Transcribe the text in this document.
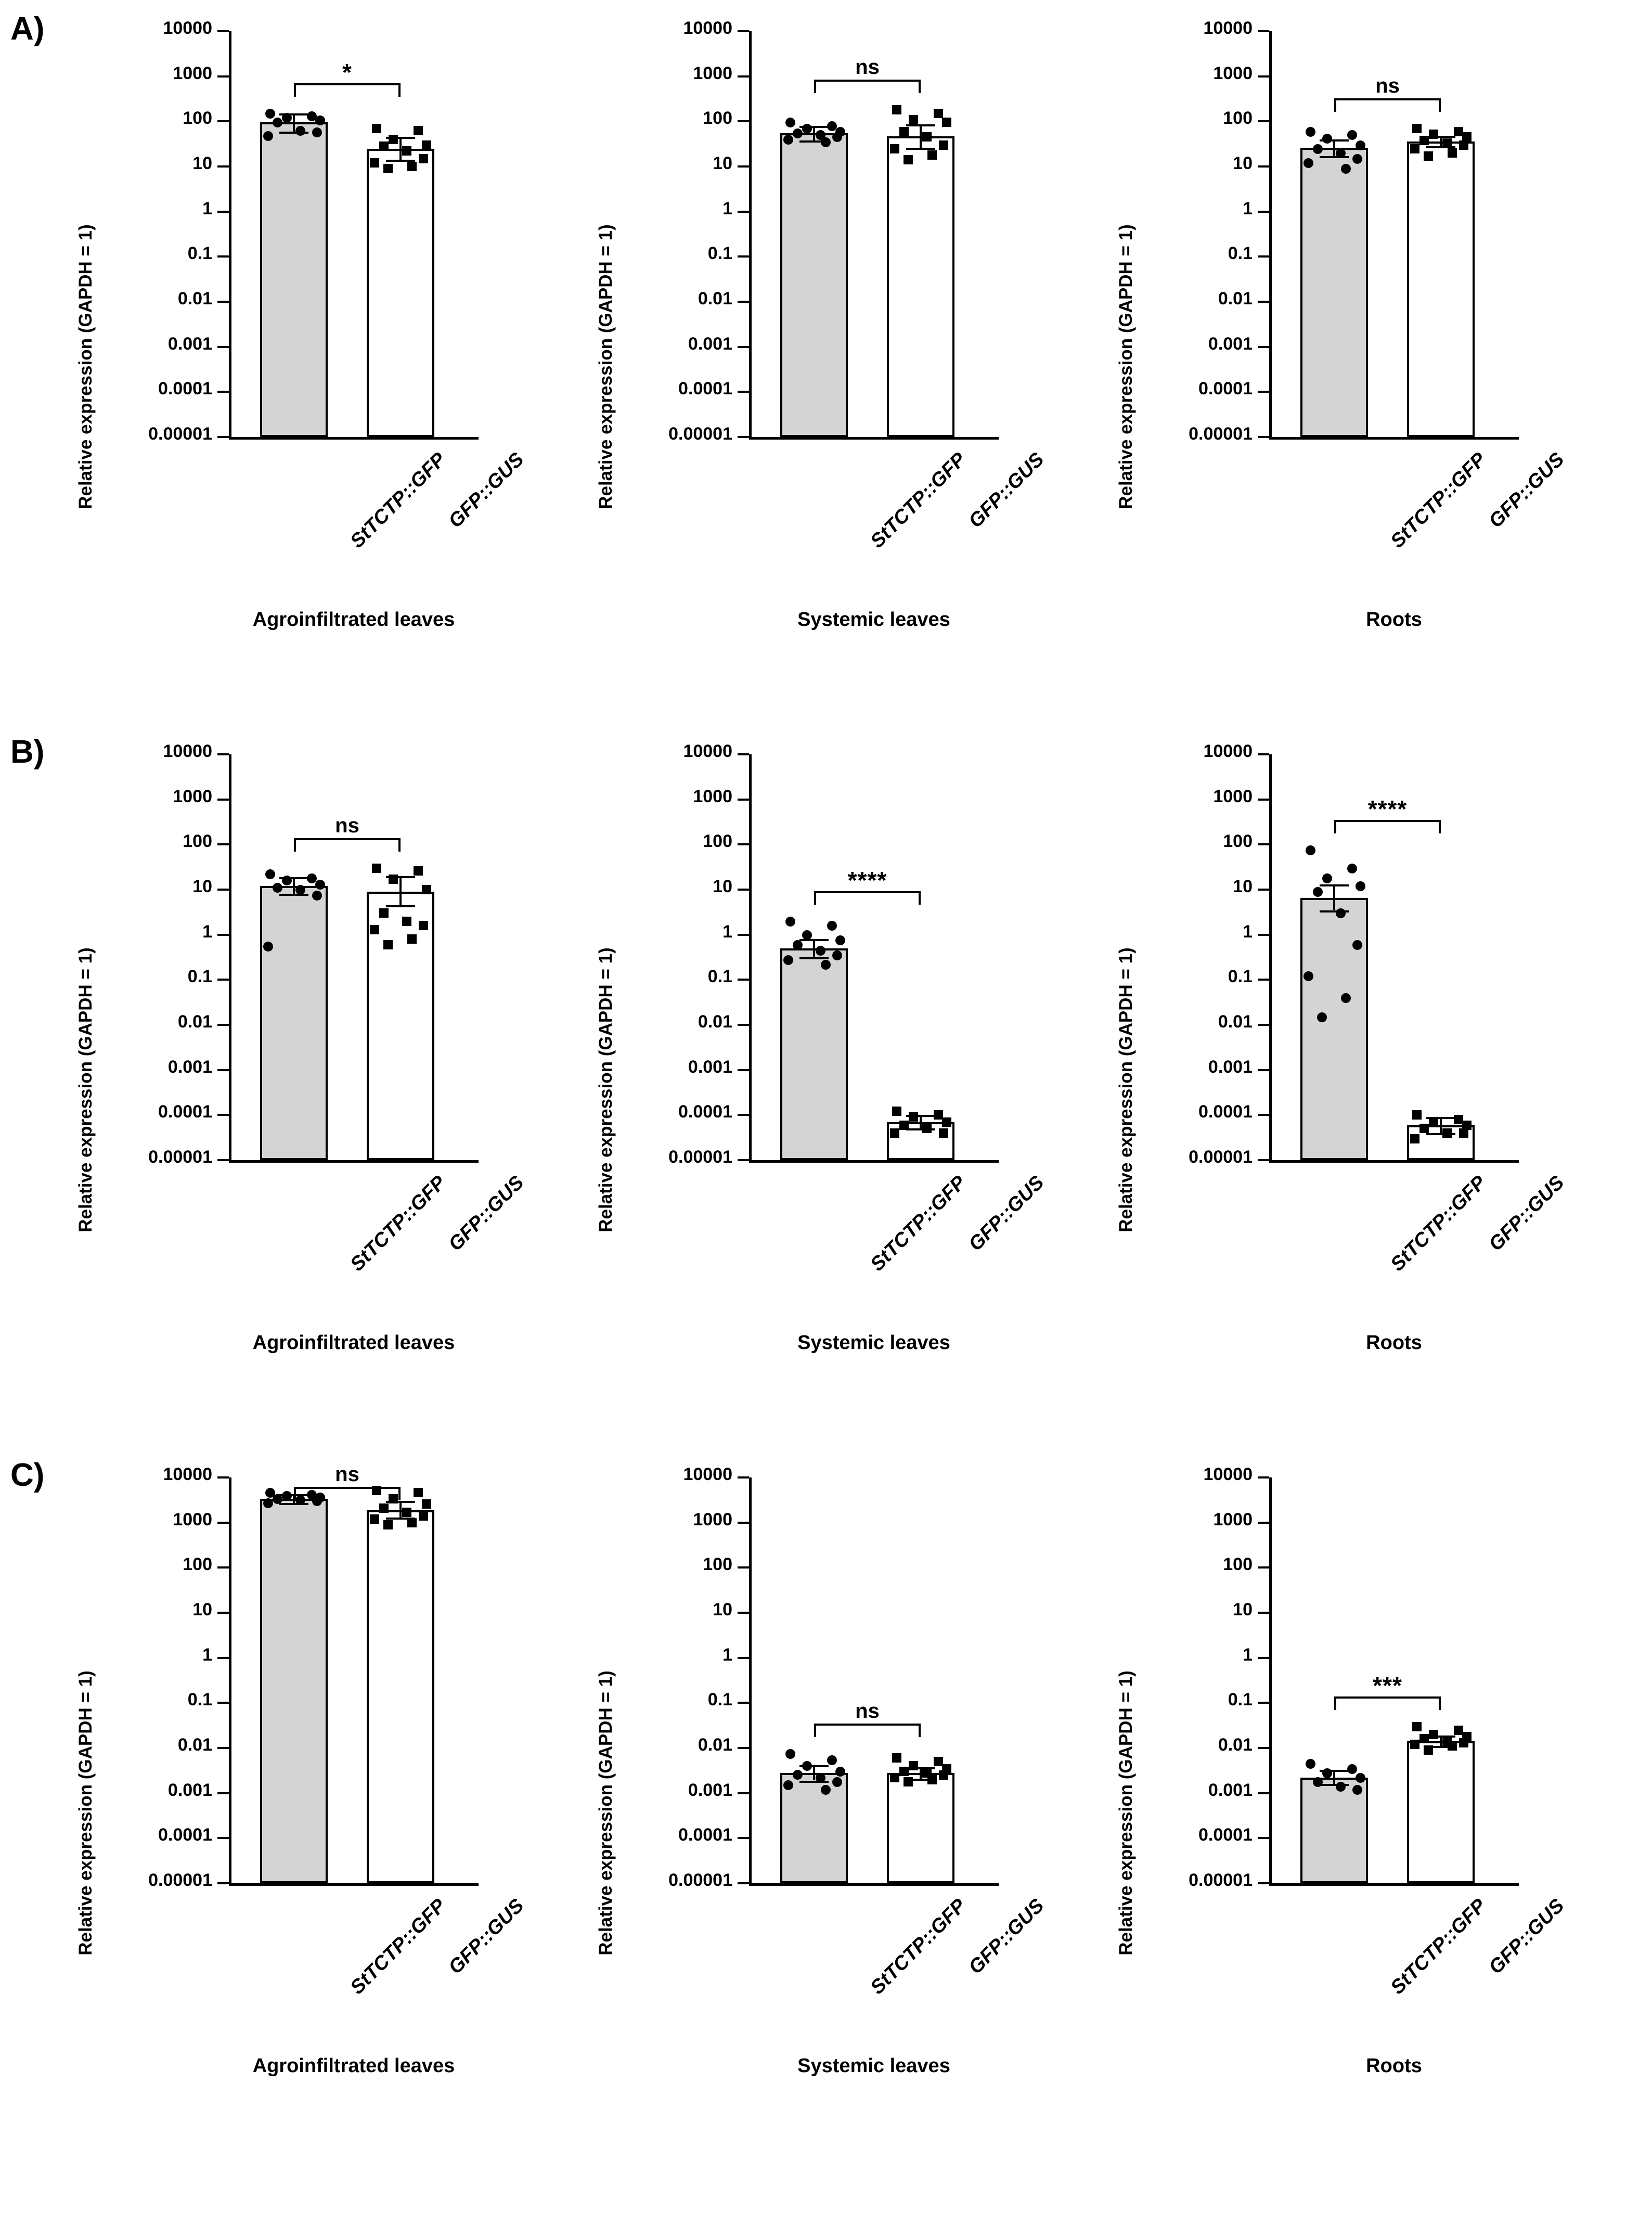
A)
Relative expression (GAPDH = 1)
10000
1000
100
10
1
0.1
0.01
0.001
0.0001
0.00001
*
StTCTP::GFP
GFP::GUS
Agroinfiltrated leaves
Relative expression (GAPDH = 1)
10000
1000
100
10
1
0.1
0.01
0.001
0.0001
0.00001
ns
StTCTP::GFP
GFP::GUS
Systemic leaves
Relative expression (GAPDH = 1)
10000
1000
100
10
1
0.1
0.01
0.001
0.0001
0.00001
ns
StTCTP::GFP
GFP::GUS
Roots
B)
Relative expression (GAPDH = 1)
10000
1000
100
10
1
0.1
0.01
0.001
0.0001
0.00001
ns
StTCTP::GFP
GFP::GUS
Agroinfiltrated leaves
Relative expression (GAPDH = 1)
10000
1000
100
10
1
0.1
0.01
0.001
0.0001
0.00001
****
StTCTP::GFP
GFP::GUS
Systemic leaves
Relative expression (GAPDH = 1)
10000
1000
100
10
1
0.1
0.01
0.001
0.0001
0.00001
****
StTCTP::GFP
GFP::GUS
Roots
C)
Relative expression (GAPDH = 1)
10000
1000
100
10
1
0.1
0.01
0.001
0.0001
0.00001
ns
StTCTP::GFP
GFP::GUS
Agroinfiltrated leaves
Relative expression (GAPDH = 1)
10000
1000
100
10
1
0.1
0.01
0.001
0.0001
0.00001
ns
StTCTP::GFP
GFP::GUS
Systemic leaves
Relative expression (GAPDH = 1)
10000
1000
100
10
1
0.1
0.01
0.001
0.0001
0.00001
***
StTCTP::GFP
GFP::GUS
Roots
